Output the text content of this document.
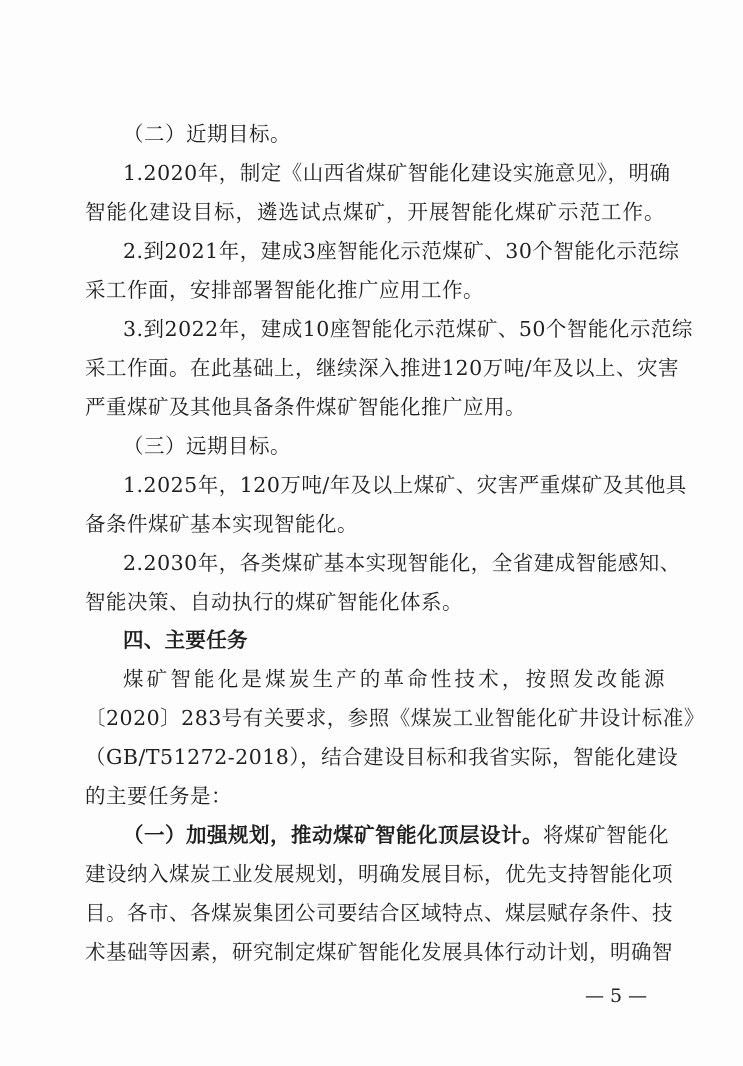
（二）近期目标。
1.2020年，制定《山西省煤矿智能化建设实施意见》，明确
智能化建设目标，遴选试点煤矿，开展智能化煤矿示范工作。
2.到2021年，建成3座智能化示范煤矿、30个智能化示范综
采工作面，安排部署智能化推广应用工作。
3.到2022年，建成10座智能化示范煤矿、50个智能化示范综
采工作面。在此基础上，继续深入推进120万吨/年及以上、灾害
严重煤矿及其他具备条件煤矿智能化推广应用。
（三）远期目标。
1.2025年，120万吨/年及以上煤矿、灾害严重煤矿及其他具
备条件煤矿基本实现智能化。
2.2030年，各类煤矿基本实现智能化，全省建成智能感知、
智能决策、自动执行的煤矿智能化体系。
四、主要任务
煤矿智能化是煤炭生产的革命性技术，按照发改能源
〔2020〕283号有关要求，参照《煤炭工业智能化矿井设计标准》
（GB/T51272-2018），结合建设目标和我省实际，智能化建设
的主要任务是：
（一）加强规划，推动煤矿智能化顶层设计。 将煤矿智能化
建设纳入煤炭工业发展规划，明确发展目标，优先支持智能化项
目。各市、各煤炭集团公司要结合区域特点、煤层赋存条件、技
术基础等因素，研究制定煤矿智能化发展具体行动计划，明确智
— 5 —
